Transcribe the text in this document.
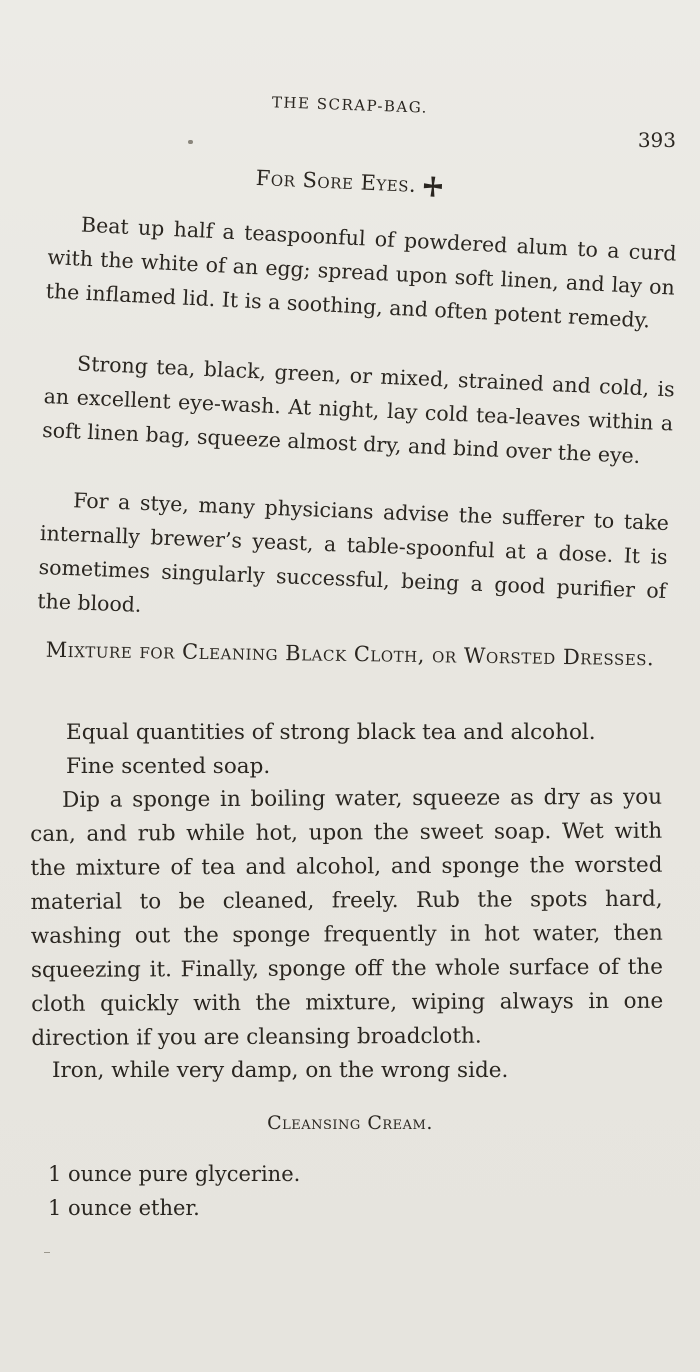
THE SCRAP-BAG.
393
For Sore Eyes.

Beat up half a teaspoonful of powdered alum to a curd with the white of an egg; spread upon soft linen, and lay on the inflamed lid. It is a soothing, and often potent remedy.

Strong tea, black, green, or mixed, strained and cold, is an excellent eye-wash. At night, lay cold tea-leaves within a soft linen bag, squeeze almost dry, and bind over the eye.

For a stye, many physicians advise the sufferer to take internally brewer’s yeast, a table-spoonful at a dose. It is sometimes singularly successful, being a good purifier of the blood.

Mixture for Cleaning Black Cloth, or Worsted Dresses.
Equal quantities of strong black tea and alcohol.
Fine scented soap.

Dip a sponge in boiling water, squeeze as dry as you can, and rub while hot, upon the sweet soap. Wet with the mixture of tea and alcohol, and sponge the worsted material to be cleaned, freely. Rub the spots hard, washing out the sponge frequently in hot water, then squeezing it. Finally, sponge off the whole surface of the cloth quickly with the mixture, wiping always in one direction if you are cleansing broadcloth.

Iron, while very damp, on the wrong side.

Cleansing Cream.
1 ounce pure glycerine.
1 ounce ether.
